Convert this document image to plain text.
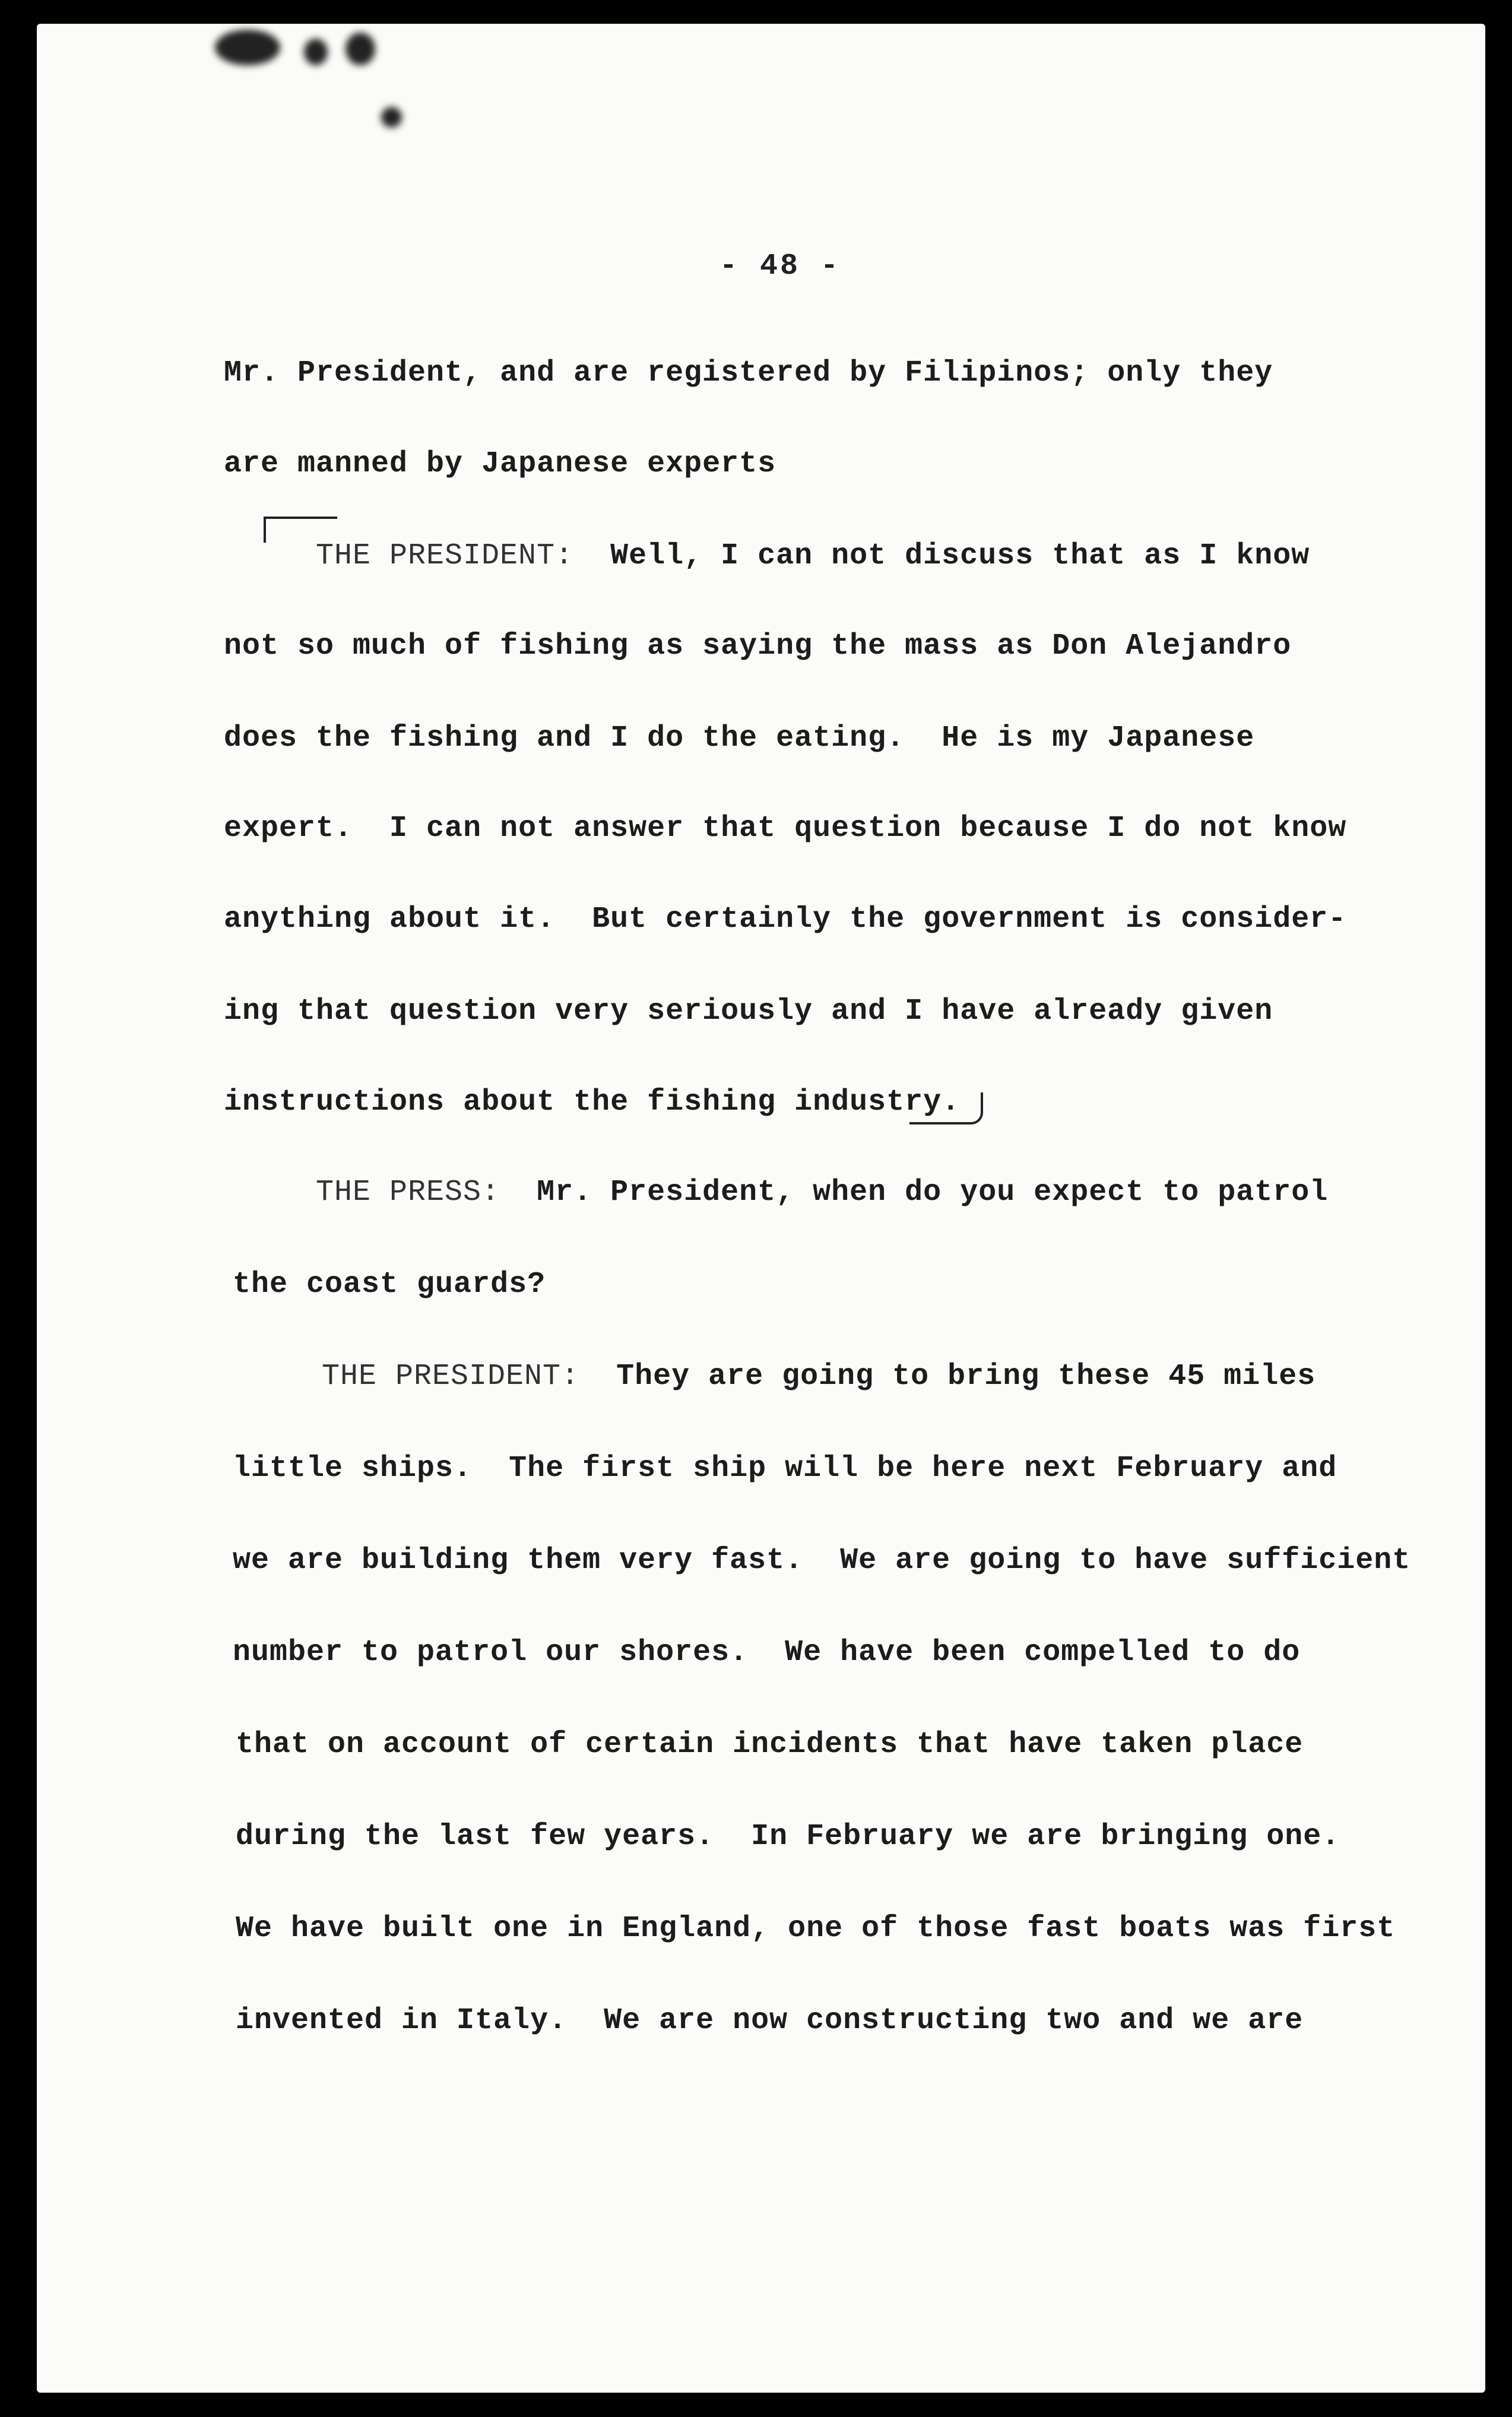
- 48 -
Mr. President, and are registered by Filipinos; only they
are manned by Japanese experts
THE PRESIDENT: Well, I can not discuss that as I know
not so much of fishing as saying the mass as Don Alejandro
does the fishing and I do the eating.  He is my Japanese
expert.  I can not answer that question because I do not know
anything about it.  But certainly the government is consider-
ing that question very seriously and I have already given
instructions about the fishing industry.
THE PRESS: Mr. President, when do you expect to patrol
the coast guards?
THE PRESIDENT: They are going to bring these 45 miles
little ships.  The first ship will be here next February and
we are building them very fast.  We are going to have sufficient
number to patrol our shores.  We have been compelled to do
that on account of certain incidents that have taken place
during the last few years.  In February we are bringing one.
We have built one in England, one of those fast boats was first
invented in Italy.  We are now constructing two and we are
